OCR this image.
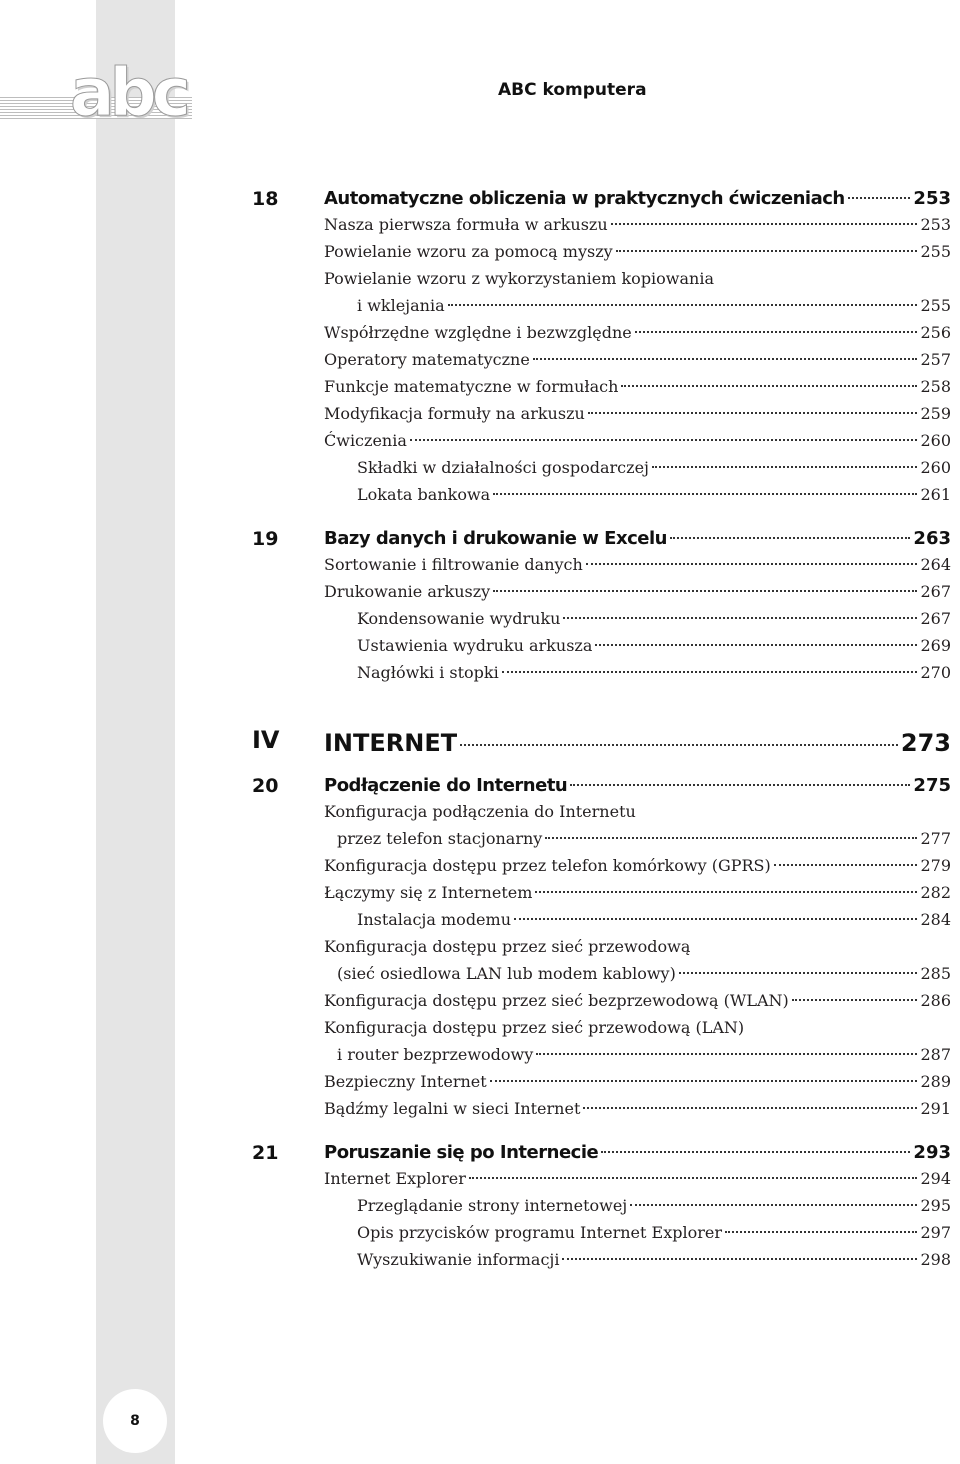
abc	ABC komputera
18	Automatyczne obliczenia w praktycznych ćwiczeniach	253
Nasza pierwsza formuła w arkuszu	253
Powielanie wzoru za pomocą myszy	255
Powielanie wzoru z wykorzystaniem kopiowania
i wklejania	255
Współrzędne względne i bezwzględne	256
Operatory matematyczne	257
Funkcje matematyczne w formułach	258
Modyfikacja formuły na arkuszu	259
Ćwiczenia	260
Składki w działalności gospodarczej	260
Lokata bankowa	261
19	Bazy danych i drukowanie w Excelu	263
Sortowanie i filtrowanie danych	264
Drukowanie arkuszy	267
Kondensowanie wydruku	267
Ustawienia wydruku arkusza	269
Nagłówki i stopki	270
IV INTERNET	273
20	Podłączenie do Internetu	275
Konfiguracja podłączenia do Internetu
przez telefon stacjonarny	277
Konfiguracja dostępu przez telefon komórkowy (GPRS)	279
Łączymy się z Internetem	282
Instalacja modemu	284
Konfiguracja dostępu przez sieć przewodową
(sieć osiedlowa LAN lub modem kablowy)	285
Konfiguracja dostępu przez sieć bezprzewodową (WLAN)	286
Konfiguracja dostępu przez sieć przewodową (LAN)
i router bezprzewodowy	287
Bezpieczny Internet	289
Bądźmy legalni w sieci Internet	291
21	Poruszanie się po Internecie	293
Internet Explorer	294
Przeglądanie strony internetowej	295
Opis przycisków programu Internet Explorer	297
Wyszukiwanie informacji	298
8
